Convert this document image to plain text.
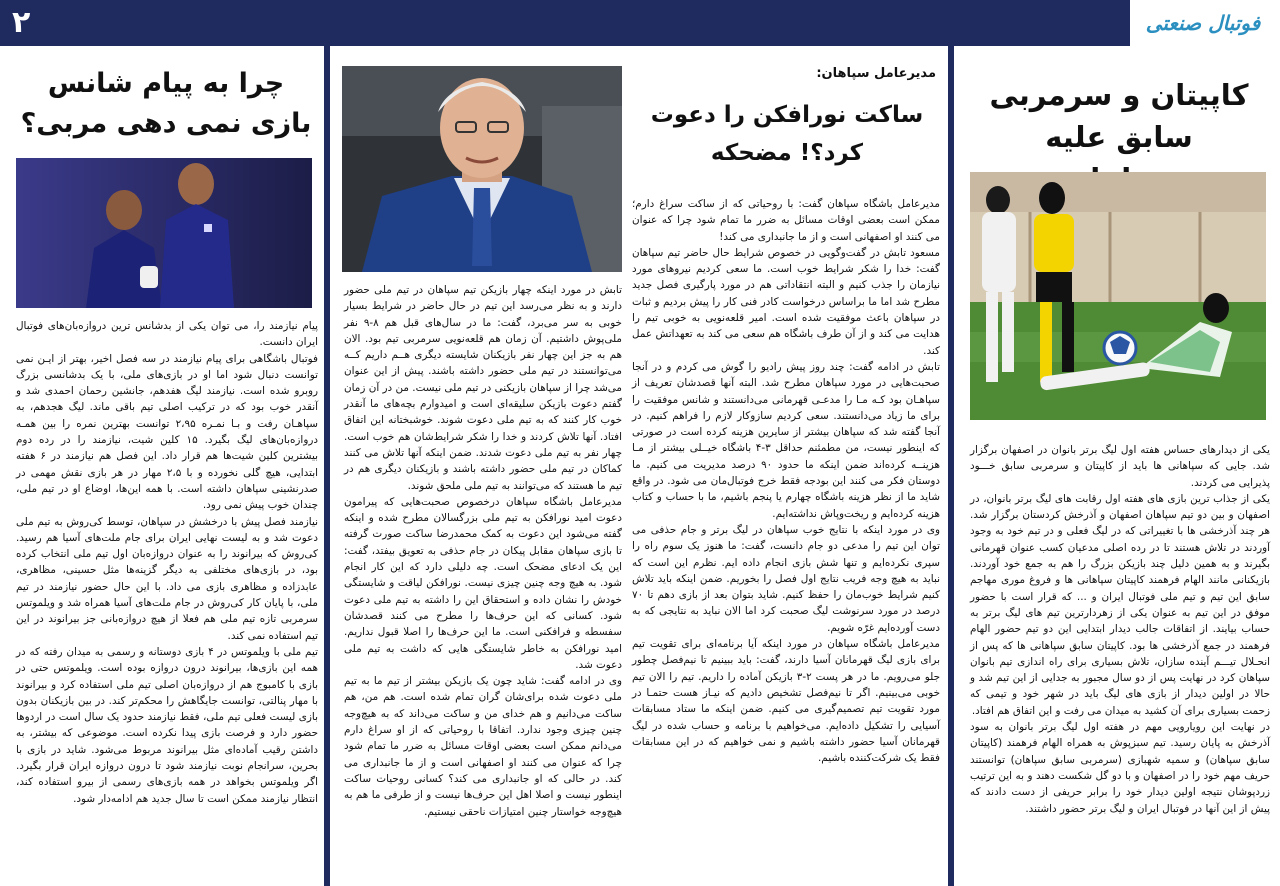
۲	فوتبال صنعتی
کاپیتان و سرمربی سابق علیه
یکی از دیدارهای حساس هفته اول لیگ برتر بانوان در اصفهان برگزار شد. جایی که سپاهانی ها باید از کاپیتان و سرمربی سابق خـــود پذیرایی می کردند.
یکی از جذاب ترین بازی های هفته اول رقابت های لیگ برتر بانوان، در اصفهان و بین دو تیم سپاهان اصفهان و آذرخش کردستان برگزار شد. هر چند آذرخشی ها با تغییراتی که در لیگ فعلی و در تیم خود به وجود آوردند در تلاش هستند تا در رده اصلی مدعیان کسب عنوان قهرمانی بگیرند و به همین دلیل چند بازیکن بزرگ را هم به جمع خود آوردند. بازیکنانی مانند الهام فرهمند کاپیتان سپاهانی ها و فروغ موری مهاجم سابق این تیم و تیم ملی فوتبال ایران و ... که قرار است با حضور موفق در این تیم به عنوان یکی از زهردارترین تیم های لیگ برتر به حساب بیایند. از اتفاقات جالب دیدار ابتدایی این دو تیم حضور الهام فرهمند در جمع آذرخشی ها بود. کاپیتان سابق سپاهانی ها که پس از انحـلال تیـــم آینده سازان، تلاش بسیاری برای راه اندازی تیم بانوان سپاهان کرد در نهایت پس از دو سال مجبور به جدایی از این تیم شد و حالا در اولین دیدار از بازی های لیگ باید در شهر خود و تیمی که زحمت بسیاری برای آن کشید به میدان می رفت و این اتفاق هم افتاد.
در نهایت این رویارویی مهم در هفته اول لیگ برتر بانوان به سود آذرخش به پایان رسید. تیم سبزپوش به همراه الهام فرهمند (کاپیتان سابق سپاهان) و سمیه شهبازی (سرمربی سابق سپاهان) توانستند حریف مهم خود را در اصفهان و با دو گل شکست دهند و به این ترتیب زردپوشان نتیجه اولین دیدار خود را برابر حریفی از دست دادند که پیش از این آنها در فوتبال ایران و لیگ برتر حضور داشتند.
مدیرعامل سپاهان:
ساکت نورافکن را دعوت کرد؟! مضحکه
مدیرعامل باشگاه سپاهان گفت: با روحیاتی که از ساکت سراغ دارم؛ ممکن است بعضی اوقات مسائل به ضرر ما تمام شود چرا که عنوان می کنند او اصفهانی است و از ما جانبداری می کند!
مسعود تابش در گفت‌وگویی در خصوص شرایط حال حاضر تیم سپاهان گفت: خدا را شکر شرایط خوب است. ما سعی کردیم نیروهای مورد نیازمان را جذب کنیم و البته انتقاداتی هم در مورد پارگیری فصل جدید مطرح شد اما ما براساس درخواست کادر فنی کار را پیش بردیم و ثبات در سپاهان باعث موفقیت شده است. امیر قلعه‌نویی به خوبی تیم را هدایت می کند و از آن طرف باشگاه هم سعی می کند به تعهداتش عمل کند.
تابش در ادامه گفت: چند روز پیش رادیو را گوش می کردم و در آنجا صحبت‌هایی در مورد سپاهان مطرح شد. البته آنها قصدشان تعریف از سپاهـان بود کـه مـا را مدعـی قهرمانی می‌دانستند و شانس موفقیت را برای ما زیاد می‌دانستند. سعی کردیم سازوکار لازم را فراهم کنیم. در آنجا گفته شد که سپاهان بیشتر از سایرین هزینه کرده است در صورتی که اینطور نیست، من مطمئنم حداقل ۳-۴ باشگاه خیــلی بیشتر از مـا هزینــه کرده‌اند ضمن اینکه ما حدود ۹۰ درصد مدیریت می کنیم. ما دوستان فکر می کنند این بودجه فقط خرج فوتبال‌مان می شود. در واقع شاید ما از نظر هزینه باشگاه چهارم یا پنجم باشیم، ما با حساب و کتاب هزینه کرده‌ایم و ریخت‌وپاش نداشته‌ایم.
وی در مورد اینکه با نتایج خوب سپاهان در لیگ برتر و جام حذفی می توان این تیم را مدعی دو جام دانست، گفت: ما هنوز یک سوم راه را سپری نکرده‌ایم و تنها شش بازی انجام داده ایم. نظرم این است که نباید به هیچ وجه فریب نتایج اول فصل را بخوریم. ضمن اینکه باید تلاش کنیم شرایط خوب‌مان را حفظ کنیم. شاید بتوان بعد از بازی دهم تا ۷۰ درصد در مورد سرنوشت لیگ صحبت کرد اما الان نباید به نتایجی که به دست آورده‌ایم غرّه شویم.
مدیرعامل باشگاه سپاهان در مورد اینکه آیا برنامه‌ای برای تقویت تیم برای بازی لیگ قهرمانان آسیا دارند، گفت: باید ببینیم تا نیم‌فصل چطور جلو می‌رویم. ما در هر پست ۲-۳ بازیکن آماده را داریم. تیم را الان تیم خوبی می‌بینیم. اگر تا نیم‌فصل تشخیص دادیم که نیـاز هست حتمـا در مورد تقویت تیم تصمیم‌گیری می کنیم. ضمن اینکه ما ستاد مسابقات آسیایی را تشکیل داده‌ایم. می‌خواهیم با برنامه و حساب شده در لیگ قهرمانان آسیا حضور داشته باشیم و نمی خواهیم که در این مسابقات فقط یک شرکت‌کننده باشیم.
تابش در مورد اینکه چهار بازیکن تیم سپاهان در تیم ملی حضور دارند و به نظر می‌رسد این تیم در حال حاضر در شرایط بسیار خوبی به سر می‌برد، گفت: ما در سال‌های قبل هم ۸-۹ نفر ملی‌پوش داشتیم. آن زمان هم قلعه‌نویی سرمربی تیم بود. الان هم به جز این چهار نفر بازیکنان شایسته دیگری هــم داریم کــه می‌توانستند در تیم ملی حضور داشته باشند. پیش از این عنوان می‌شد چرا از سپاهان بازیکنی در تیم ملی نیست. من در آن زمان گفتم دعوت بازیکن سلیقه‌ای است و امیدوارم بچه‌های ما آنقدر خوب کار کنند که به تیم ملی دعوت شوند. خوشبختانه این اتفاق افتاد. آنها تلاش کردند و خدا را شکر شرایط‌شان هم خوب است. چهار نفر به تیم ملی دعوت شدند. ضمن اینکه آنها تلاش می کنند کماکان در تیم ملی حضور داشته باشند و بازیکنان دیگری هم در تیم ما هستند که می‌توانند به تیم ملی ملحق شوند.
مدیرعامل باشگاه سپاهان درخصوص صحبت‌هایی که پیرامون دعوت امید نورافکن به تیم ملی بزرگسالان مطرح شده و اینکه گفته می‌شود این دعوت به کمک محمدرضا ساکت صورت گرفته تا بازی سپاهان مقابل پیکان در جام حذفی به تعویق بیفتد، گفت: این یک ادعای مضحک است. چه دلیلی دارد که این کار انجام شود. به هیچ وجه چنین چیزی نیست. نورافکن لیاقت و شایستگی خودش را نشان داده و استحقاق این را داشته به تیم ملی دعوت شود. کسانی که این حرف‌ها را مطرح می کنند قصدشان سفسطه و فرافکنی است. ما این حرف‌ها را اصلا قبول نداریم. امید نورافکن به خاطر شایستگی هایی که داشت به تیم ملی دعوت شد.
وی در ادامه گفت: شاید چون یک بازیکن بیشتر از تیم ما به تیم ملی دعوت شده برای‌شان گران تمام شده است. هم من، هم ساکت می‌دانیم و هم خدای من و ساکت می‌داند که به هیچ‌وجه چنین چیزی وجود ندارد. اتفاقا با روحیاتی که از او سراغ دارم می‌دانم ممکن است بعضی اوقات مسائل به ضرر ما تمام شود چرا که عنوان می کنند او اصفهانی است و از ما جانبداری می کند. در حالی که او جانبداری می کند؟ کسانی روحیات ساکت اینطور نیست و اصلا اهل این حرف‌ها نیست و از طرفی ما هم به هیچ‌وجه خواستار چنین امتیازات ناحقی نیستیم.
چرا به پیام شانس بازی نمی دهی مربی؟
پیام نیازمند را، می توان یکی از بدشانس ترین دروازه‌بان‌های فوتبال ایران دانست.
فوتبال باشگاهی برای پیام نیازمند در سه فصل اخیر، بهتر از ایـن نمی توانست دنبال شود اما او در بازی‌های ملی، با یک بدشانسی بزرگ روبرو شده است. نیازمند لیگ هفدهم، جانشین رحمان احمدی شد و آنقدر خوب بود که در ترکیب اصلی تیم باقی ماند. لیگ هجدهم، به سپاهـان رفت و بـا نمـره ۲،۹۵ توانست بهترین نمره را بین همـه دروازه‌بان‌های لیگ بگیرد. ۱۵ کلین شیت، نیازمند را در رده دوم بیشترین کلین شیت‌ها هم قرار داد. این فصل هم نیازمند در ۶ هفته ابتدایی، هیچ گلی نخورده و با ۲،۵ مهار در هر بازی نقش مهمی در صدرنشینی سپاهان داشته است. با همه این‌ها، اوضاع او در تیم ملی، چندان خوب پیش نمی رود.
نیازمند فصل پیش با درخشش در سپاهان، توسط کی‌روش به تیم ملی دعوت شد و به لیست نهایی ایران برای جام ملت‌های آسیا هم رسید. کی‌روش که بیرانوند را به عنوان دروازه‌بان اول تیم ملی انتخاب کرده بود، در بازی‌های مختلفی به دیگر گزینه‌ها مثل حسینی، مظاهری، عابدزاده و مظاهری بازی می داد. با این حال حضور نیازمند در تیم ملی، با پایان کار کی‌روش در جام ملت‌های آسیا همراه شد و ویلموتس سرمربی تازه تیم ملی هم فعلا از هیچ دروازه‌بانی جز بیرانوند در این تیم استفاده‌ نمی کند.
تیم ملی با ویلموتس در ۴ بازی دوستانه و رسمی به میدان رفته که در همه این بازی‌ها، بیرانوند درون دروازه‌ بوده است. ویلموتس حتی در بازی با کامبوج هم از دروازه‌بان اصلی تیم ملی استفاده کرد و بیرانوند با مهار پنالتی، توانست جایگاهش را محکم‌تر کند. در بین بازیکنان بدون بازی لیست فعلی تیم ملی، فقط نیازمند حدود یک سال است در اردوها حضور دارد و فرصت بازی پیدا نکرده است. موضوعی که بیشتر، به داشتن رقیب آماده‌ای مثل بیرانوند مربوط می‌شود. شاید در بازی با بحرین، سرانجام نوبت نیازمند شود تا درون دروازه ایران قرار بگیرد. اگر ویلموتس بخواهد در همه بازی‌های رسمی از بیرو استفاده کند، انتظار نیازمند ممکن است تا سال جدید هم ادامه‌دار شود.
